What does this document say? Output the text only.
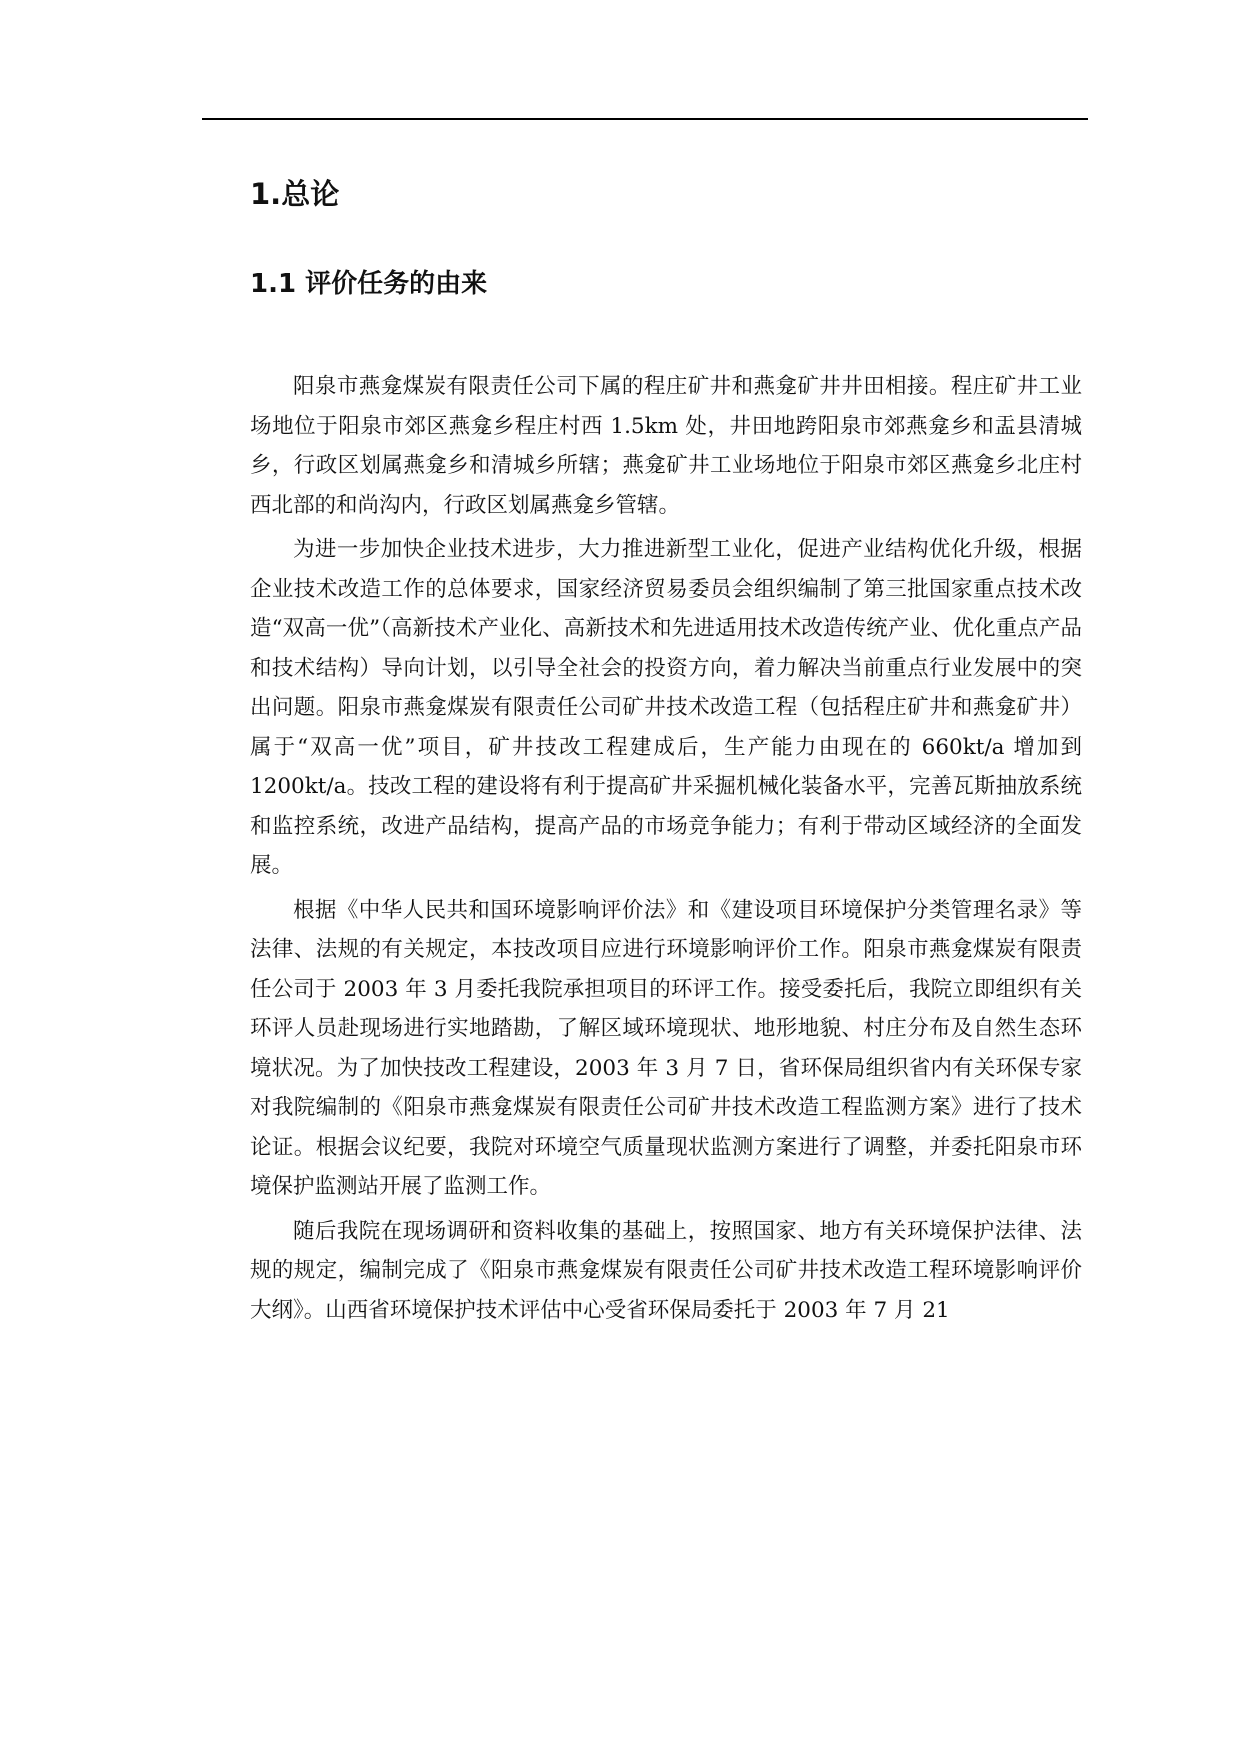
1.总论
1.1 评价任务的由来

阳泉市燕龛煤炭有限责任公司下属的程庄矿井和燕龛矿井井田相接。程庄矿井工业场地位于阳泉市郊区燕龛乡程庄村西 1.5km 处，井田地跨阳泉市郊燕龛乡和盂县清城乡，行政区划属燕龛乡和清城乡所辖；燕龛矿井工业场地位于阳泉市郊区燕龛乡北庄村西北部的和尚沟内，行政区划属燕龛乡管辖。

为进一步加快企业技术进步，大力推进新型工业化，促进产业结构优化升级，根据企业技术改造工作的总体要求，国家经济贸易委员会组织编制了第三批国家重点技术改造“双高一优”（高新技术产业化、高新技术和先进适用技术改造传统产业、优化重点产品和技术结构）导向计划，以引导全社会的投资方向，着力解决当前重点行业发展中的突出问题。阳泉市燕龛煤炭有限责任公司矿井技术改造工程（包括程庄矿井和燕龛矿井）属于“双高一优”项目，矿井技改工程建成后，生产能力由现在的 660kt/a 增加到 1200kt/a。技改工程的建设将有利于提高矿井采掘机械化装备水平，完善瓦斯抽放系统和监控系统，改进产品结构，提高产品的市场竞争能力；有利于带动区域经济的全面发展。

根据《中华人民共和国环境影响评价法》和《建设项目环境保护分类管理名录》等法律、法规的有关规定，本技改项目应进行环境影响评价工作。阳泉市燕龛煤炭有限责任公司于 2003 年 3 月委托我院承担项目的环评工作。接受委托后，我院立即组织有关环评人员赴现场进行实地踏勘，了解区域环境现状、地形地貌、村庄分布及自然生态环境状况。为了加快技改工程建设，2003 年 3 月 7 日，省环保局组织省内有关环保专家对我院编制的《阳泉市燕龛煤炭有限责任公司矿井技术改造工程监测方案》进行了技术论证。根据会议纪要，我院对环境空气质量现状监测方案进行了调整，并委托阳泉市环境保护监测站开展了监测工作。

随后我院在现场调研和资料收集的基础上，按照国家、地方有关环境保护法律、法规的规定，编制完成了《阳泉市燕龛煤炭有限责任公司矿井技术改造工程环境影响评价大纲》。山西省环境保护技术评估中心受省环保局委托于 2003 年 7 月 21
